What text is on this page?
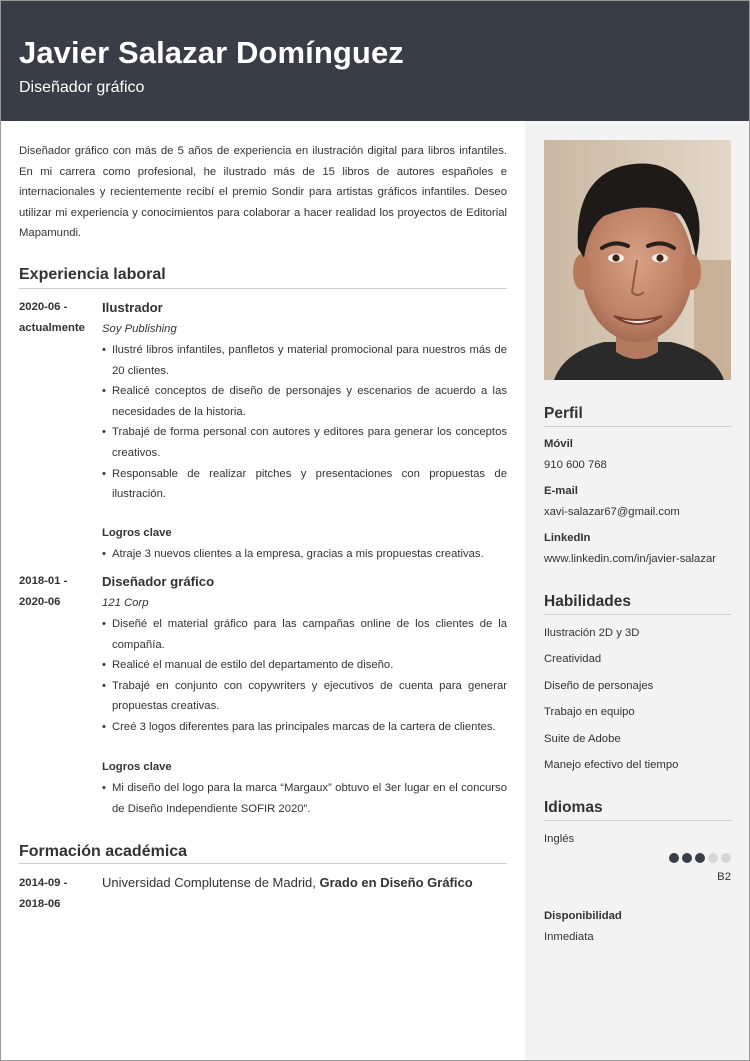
Javier Salazar Domínguez
Diseñador gráfico
Diseñador gráfico con más de 5 años de experiencia en ilustración digital para libros infantiles. En mi carrera como profesional, he ilustrado más de 15 libros de autores españoles e internacionales y recientemente recibí el premio Sondir para artistas gráficos infantiles. Deseo utilizar mi experiencia y conocimientos para colaborar a hacer realidad los proyectos de Editorial Mapamundi.
Experiencia laboral
2020-06 -
actualmente
Ilustrador
Soy Publishing
• Ilustré libros infantiles, panfletos y material promocional para nuestros más de 20 clientes.
• Realicé conceptos de diseño de personajes y escenarios de acuerdo a las necesidades de la historia.
• Trabajé de forma personal con autores y editores para generar los conceptos creativos.
• Responsable de realizar pitches y presentaciones con propuestas de ilustración.
Logros clave
• Atraje 3 nuevos clientes a la empresa, gracias a mis propuestas creativas.
2018-01 -
2020-06
Diseñador gráfico
121 Corp
• Diseñé el material gráfico para las campañas online de los clientes de la compañía.
• Realicé el manual de estilo del departamento de diseño.
• Trabajé en conjunto con copywriters y ejecutivos de cuenta para generar propuestas creativas.
• Creé 3 logos diferentes para las principales marcas de la cartera de clientes.
Logros clave
• Mi diseño del logo para la marca “Margaux” obtuvo el 3er lugar en el concurso de Diseño Independiente SOFIR 2020”.
Formación académica
2014-09 -
2018-06
Universidad Complutense de Madrid, Grado en Diseño Gráfico
Perfil
Móvil
910 600 768
E-mail
xavi-salazar67@gmail.com
LinkedIn
www.linkedin.com/in/javier-salazar
Habilidades
Ilustración 2D y 3D
Creatividad
Diseño de personajes
Trabajo en equipo
Suite de Adobe
Manejo efectivo del tiempo
Idiomas
Inglés
B2
Disponibilidad
Inmediata
